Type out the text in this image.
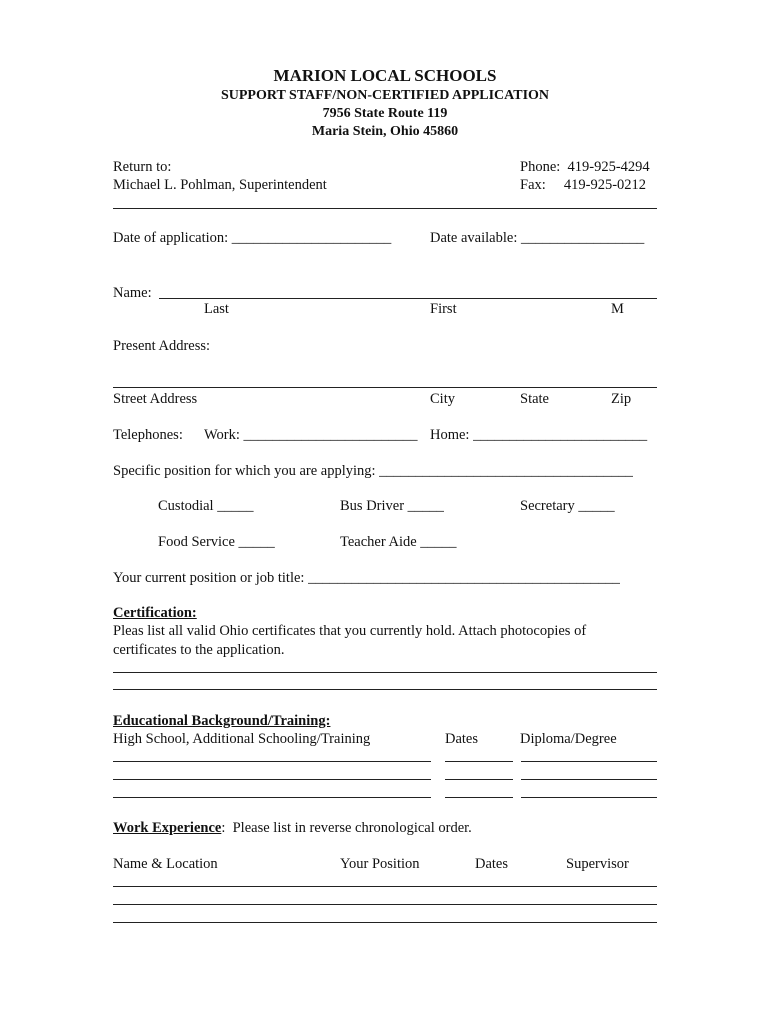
MARION LOCAL SCHOOLS
SUPPORT STAFF/NON-CERTIFIED APPLICATION
7956 State Route 119
Maria Stein, Ohio 45860
Return to:
Michael L. Pohlman, Superintendent
Phone:  419-925-4294
Fax:     419-925-0212
Date of application: ______________________	Date available: _________________
Name:
Last	First	M
Present Address:
Street Address	City	State	Zip
Telephones: Work: ________________________ Home: ________________________
Specific position for which you are applying: ___________________________________
Custodial _____	Bus Driver _____	Secretary _____
Food Service _____	Teacher Aide _____
Your current position or job title: ___________________________________________
Certification:
Pleas list all valid Ohio certificates that you currently hold. Attach photocopies of
certificates to the application.
Educational Background/Training:
High School, Additional Schooling/Training	Dates	Diploma/Degree
Work Experience:  Please list in reverse chronological order.
Name & Location	Your Position	Dates	Supervisor
